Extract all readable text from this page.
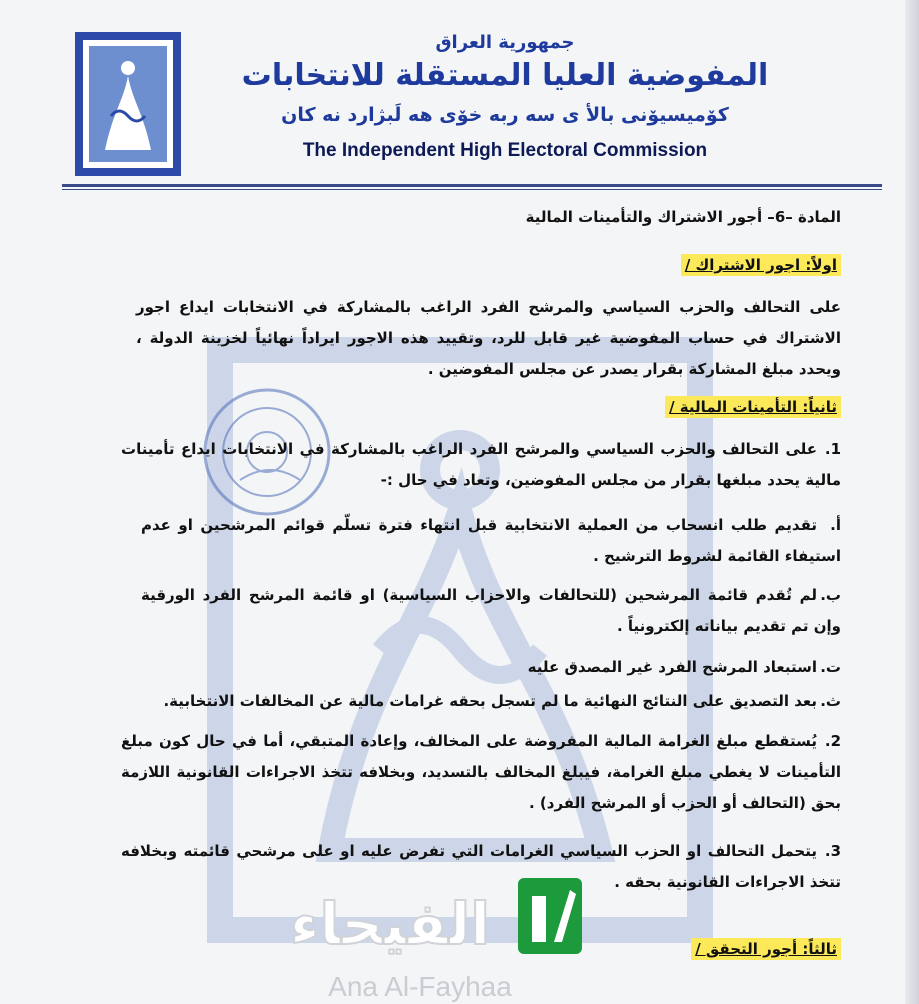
جمهورية العراق
المفوضية العليا المستقلة للانتخابات
كۆميسيۆنى بالأ ى سه ربه خۆى هه لَبژارد نه كان
The Independent High Electoral Commission
المادة –6– أجور الاشتراك والتأمينات المالية
اولاً: اجور الاشتراك /
على التحالف والحزب السياسي والمرشح الفرد الراغب بالمشاركة في الانتخابات ايداع اجور الاشتراك في حساب المفوضية غير قابل للرد، وتقييد هذه الاجور ايراداً نهائياً لخزينة الدولة ، ويحدد مبلغ المشاركة بقرار يصدر عن مجلس المفوضين .
ثانياً: التأمينات المالية /
1.على التحالف والحزب السياسي والمرشح الفرد الراغب بالمشاركة في الانتخابات ايداع تأمينات مالية يحدد مبلغها بقرار من مجلس المفوضين، وتعاد في حال :-
أ.تقديم طلب انسحاب من العملية الانتخابية قبل انتهاء فترة تسلّم قوائم المرشحين او عدم استيفاء القائمة لشروط الترشيح .
ب.لم تُقدم قائمة المرشحين (للتحالفات والاحزاب السياسية) او قائمة المرشح الفرد الورقية وإن تم تقديم بياناته إلكترونياً .
ت.استبعاد المرشح الفرد غير المصدق عليه
ث.بعد التصديق على النتائج النهائية ما لم تسجل بحقه غرامات مالية عن المخالفات الانتخابية.
2.يُستقطع مبلغ الغرامة المالية المفروضة على المخالف، وإعادة المتبقي، أما في حال كون مبلغ التأمينات لا يغطي مبلغ الغرامة، فيبلغ المخالف بالتسديد، وبخلافه تتخذ الاجراءات القانونية اللازمة بحق (التحالف أو الحزب أو المرشح الفرد) .
3.يتحمل التحالف او الحزب السياسي الغرامات التي تفرض عليه او على مرشحي قائمته وبخلافه تتخذ الاجراءات القانونية بحقه .
ثالثاً: أجور التحقق /
الفيحاء
Ana Al-Fayhaa
